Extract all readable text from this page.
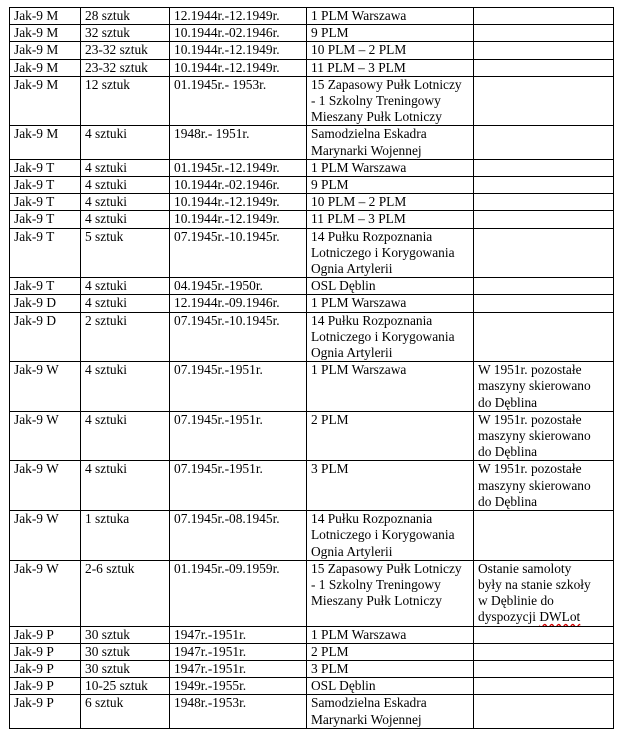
Jak-9 M	28 sztuk	12.1944r.-12.1949r.	1 PLM Warszawa	
Jak-9 M	32 sztuk	10.1944r.-02.1946r.	9 PLM	
Jak-9 M	23-32 sztuk	10.1944r.-12.1949r.	10 PLM – 2 PLM	
Jak-9 M	23-32 sztuk	10.1944r.-12.1949r.	11 PLM – 3 PLM	
Jak-9 M	12 sztuk	01.1945r.- 1953r.	15 Zapasowy Pułk Lotniczy
- 1 Szkolny Treningowy
Mieszany Pułk Lotniczy	
Jak-9 M	4 sztuki	1948r.- 1951r.	Samodzielna Eskadra
Marynarki Wojennej	
Jak-9 T	4 sztuki	01.1945r.-12.1949r.	1 PLM Warszawa	
Jak-9 T	4 sztuki	10.1944r.-02.1946r.	9 PLM	
Jak-9 T	4 sztuki	10.1944r.-12.1949r.	10 PLM – 2 PLM	
Jak-9 T	4 sztuki	10.1944r.-12.1949r.	11 PLM – 3 PLM	
Jak-9 T	5 sztuk	07.1945r.-10.1945r.	14 Pułku Rozpoznania
Lotniczego i Korygowania
Ognia Artylerii	
Jak-9 T	4 sztuki	04.1945r.-1950r.	OSL Dęblin	
Jak-9 D	4 sztuki	12.1944r.-09.1946r.	1 PLM Warszawa	
Jak-9 D	2 sztuki	07.1945r.-10.1945r.	14 Pułku Rozpoznania
Lotniczego i Korygowania
Ognia Artylerii	
Jak-9 W	4 sztuki	07.1945r.-1951r.	1 PLM Warszawa	W 1951r. pozostałe
maszyny skierowano
do Dęblina
Jak-9 W	4 sztuki	07.1945r.-1951r.	2 PLM	W 1951r. pozostałe
maszyny skierowano
do Dęblina
Jak-9 W	4 sztuki	07.1945r.-1951r.	3 PLM	W 1951r. pozostałe
maszyny skierowano
do Dęblina
Jak-9 W	1 sztuka	07.1945r.-08.1945r.	14 Pułku Rozpoznania
Lotniczego i Korygowania
Ognia Artylerii	
Jak-9 W	2-6 sztuk	01.1945r.-09.1959r.	15 Zapasowy Pułk Lotniczy
- 1 Szkolny Treningowy
Mieszany Pułk Lotniczy	Ostanie samoloty
były na stanie szkoły
w Dęblinie do
dyspozycji DWLot
Jak-9 P	30 sztuk	1947r.-1951r.	1 PLM Warszawa	
Jak-9 P	30 sztuk	1947r.-1951r.	2 PLM	
Jak-9 P	30 sztuk	1947r.-1951r.	3 PLM	
Jak-9 P	10-25 sztuk	1949r.-1955r.	OSL Dęblin	
Jak-9 P	6 sztuk	1948r.-1953r.	Samodzielna Eskadra
Marynarki Wojennej	
